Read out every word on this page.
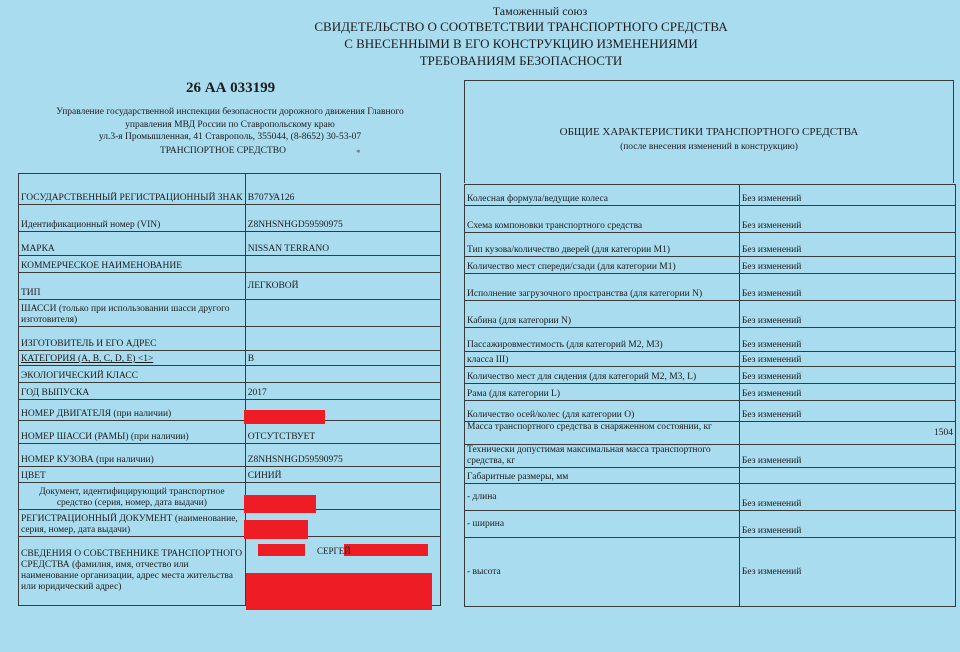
Таможенный союз
СВИДЕТЕЛЬСТВО О СООТВЕТСТВИИ ТРАНСПОРТНОГО СРЕДСТВА
С ВНЕСЕННЫМИ В ЕГО КОНСТРУКЦИЮ ИЗМЕНЕНИЯМИ
ТРЕБОВАНИЯМ БЕЗОПАСНОСТИ
26 АА 033199
Управление государственной инспекции безопасности дорожного движения Главного
управления МВД России по Ставропольскому краю
ул.3-я Промышленная, 41 Ставрополь, 355044, (8-8652) 30-53-07
ТРАНСПОРТНОЕ СРЕДСТВО	*
ГОСУДАРСТВЕННЫЙ РЕГИСТРАЦИОННЫЙ ЗНАК	В707УА126
Идентификационный номер (VIN)	Z8NHSNHGD59590975
МАРКА	NISSAN TERRANO
КОММЕРЧЕСКОЕ НАИМЕНОВАНИЕ	
ТИП	ЛЕГКОВОЙ
ШАССИ (только при использовании шасси другого изготовителя)	
ИЗГОТОВИТЕЛЬ И ЕГО АДРЕС	
КАТЕГОРИЯ (A, B, C, D, E) <1>	B
ЭКОЛОГИЧЕСКИЙ КЛАСС	
ГОД ВЫПУСКА	2017
НОМЕР ДВИГАТЕЛЯ (при наличии)	
НОМЕР ШАССИ (РАМЫ) (при наличии)	ОТСУТСТВУЕТ
НОМЕР КУЗОВА (при наличии)	Z8NHSNHGD59590975
ЦВЕТ	СИНИЙ
Документ, идентифицирующий транспортное средство (серия, номер, дата выдачи)	
РЕГИСТРАЦИОННЫЙ ДОКУМЕНТ (наименование, серия, номер, дата выдачи)	
СВЕДЕНИЯ О СОБСТВЕННИКЕ ТРАНСПОРТНОГО СРЕДСТВА (фамилия, имя, отчество или наименование организации, адрес места жительства или юридический адрес)	
СЕРГЕЙ
ОБЩИЕ ХАРАКТЕРИСТИКИ ТРАНСПОРТНОГО СРЕДСТВА
(после внесения изменений в конструкцию)
Колесная формула/ведущие колеса	Без изменений
Схема компоновки транспортного средства	Без изменений
Тип кузова/количество дверей (для категории М1)	Без изменений
Количество мест спереди/сзади (для категории М1)	Без изменений
Исполнение загрузочного пространства (для категории N)	Без изменений
Кабина (для категории N)	Без изменений
Пассажировместимость (для категорий М2, М3)	Без изменений
класса III)	Без изменений
Количество мест для сидения (для категорий М2, М3, L)	Без изменений
Рама (для категории L)	Без изменений
Количество осей/колес (для категории О)	Без изменений
Масса транспортного средства в снаряженном состоянии, кг	1504
Технически допустимая максимальная масса транспортного средства, кг	Без изменений
Габаритные размеры, мм	
- длина	Без изменений
- ширина	Без изменений
- высота	Без изменений
